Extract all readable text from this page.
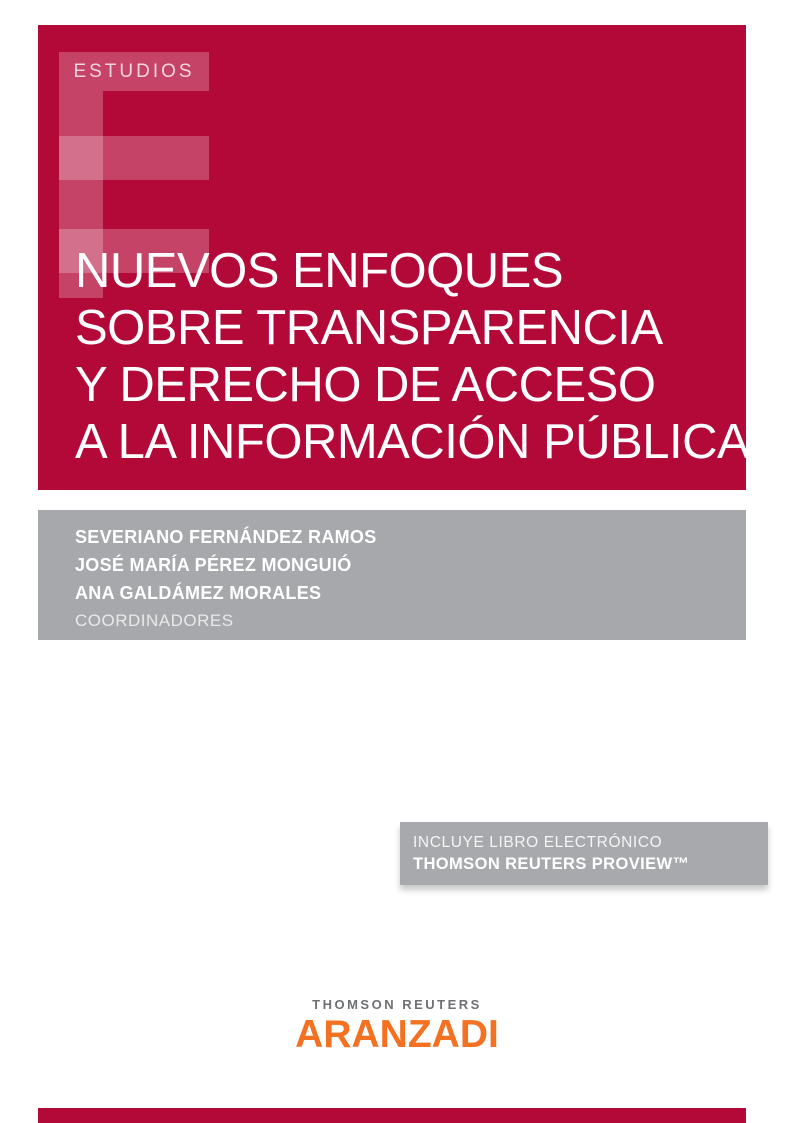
ESTUDIOS
NUEVOS ENFOQUES
SOBRE TRANSPARENCIA
Y DERECHO DE ACCESO
A LA INFORMACIÓN PÚBLICA
SEVERIANO FERNÁNDEZ RAMOS
JOSÉ MARÍA PÉREZ MONGUIÓ
ANA GALDÁMEZ MORALES
COORDINADORES
INCLUYE LIBRO ELECTRÓNICO
THOMSON REUTERS PROVIEW™
THOMSON REUTERS
ARANZADI
